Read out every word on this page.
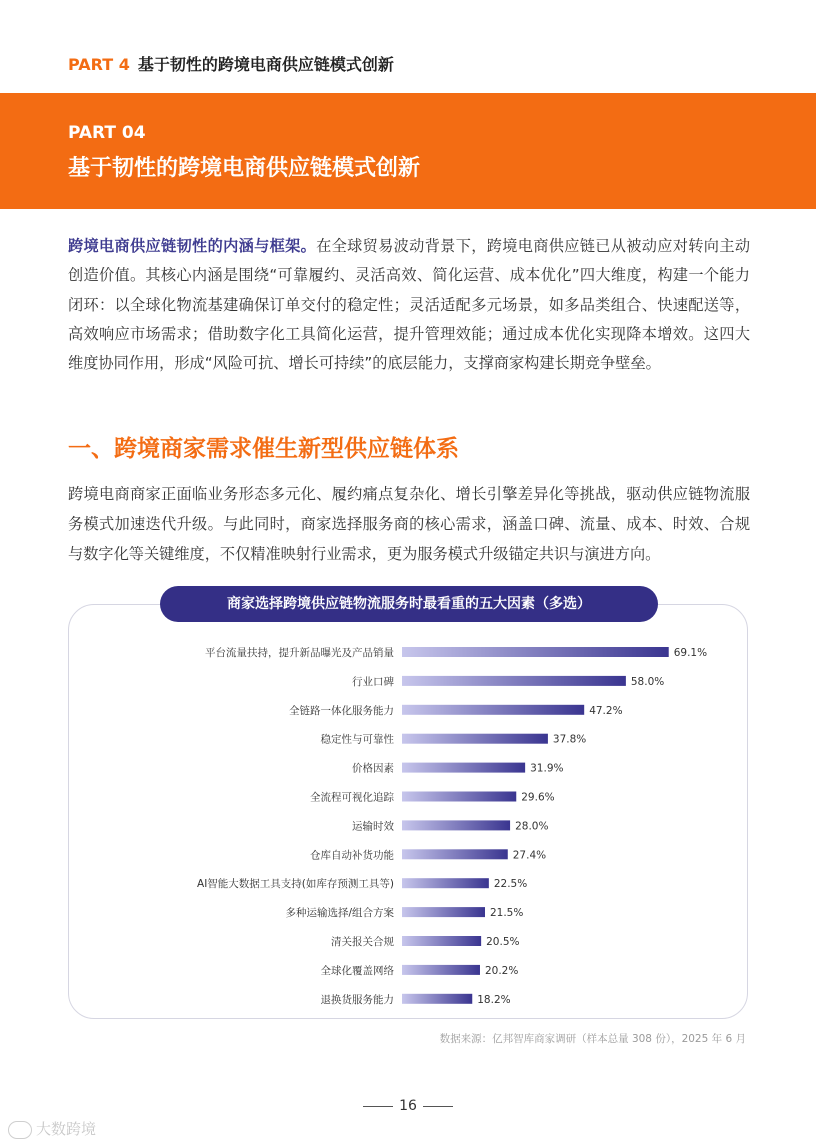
PART 4 基于韧性的跨境电商供应链模式创新
PART 04
基于韧性的跨境电商供应链模式创新

跨境电商供应链韧性的内涵与框架。在全球贸易波动背景下，跨境电商供应链已从被动应对转向主动创造价值。其核心内涵是围绕“可靠履约、灵活高效、简化运营、成本优化”四大维度，构建一个能力闭环：以全球化物流基建确保订单交付的稳定性；灵活适配多元场景，如多品类组合、快速配送等，高效响应市场需求；借助数字化工具简化运营，提升管理效能；通过成本优化实现降本增效。这四大维度协同作用，形成“风险可抗、增长可持续”的底层能力，支撑商家构建长期竞争壁垒。

一、跨境商家需求催生新型供应链体系

跨境电商商家正面临业务形态多元化、履约痛点复杂化、增长引擎差异化等挑战，驱动供应链物流服务模式加速迭代升级。与此同时，商家选择服务商的核心需求，涵盖口碑、流量、成本、时效、合规与数字化等关键维度，不仅精准映射行业需求，更为服务模式升级锚定共识与演进方向。

商家选择跨境供应链物流服务时最看重的五大因素（多选）
平台流量扶持，提升新品曝光及产品销量	69.1%
行业口碑	58.0%
全链路一体化服务能力	47.2%
稳定性与可靠性	37.8%
价格因素	31.9%
全流程可视化追踪	29.6%
运输时效	28.0%
仓库自动补货功能	27.4%
AI智能大数据工具支持(如库存预测工具等)	22.5%
多种运输选择/组合方案	21.5%
清关报关合规	20.5%
全球化覆盖网络	20.2%
退换货服务能力	18.2%
数据来源：亿邦智库商家调研（样本总量 308 份），2025 年 6 月
16
大数跨境
